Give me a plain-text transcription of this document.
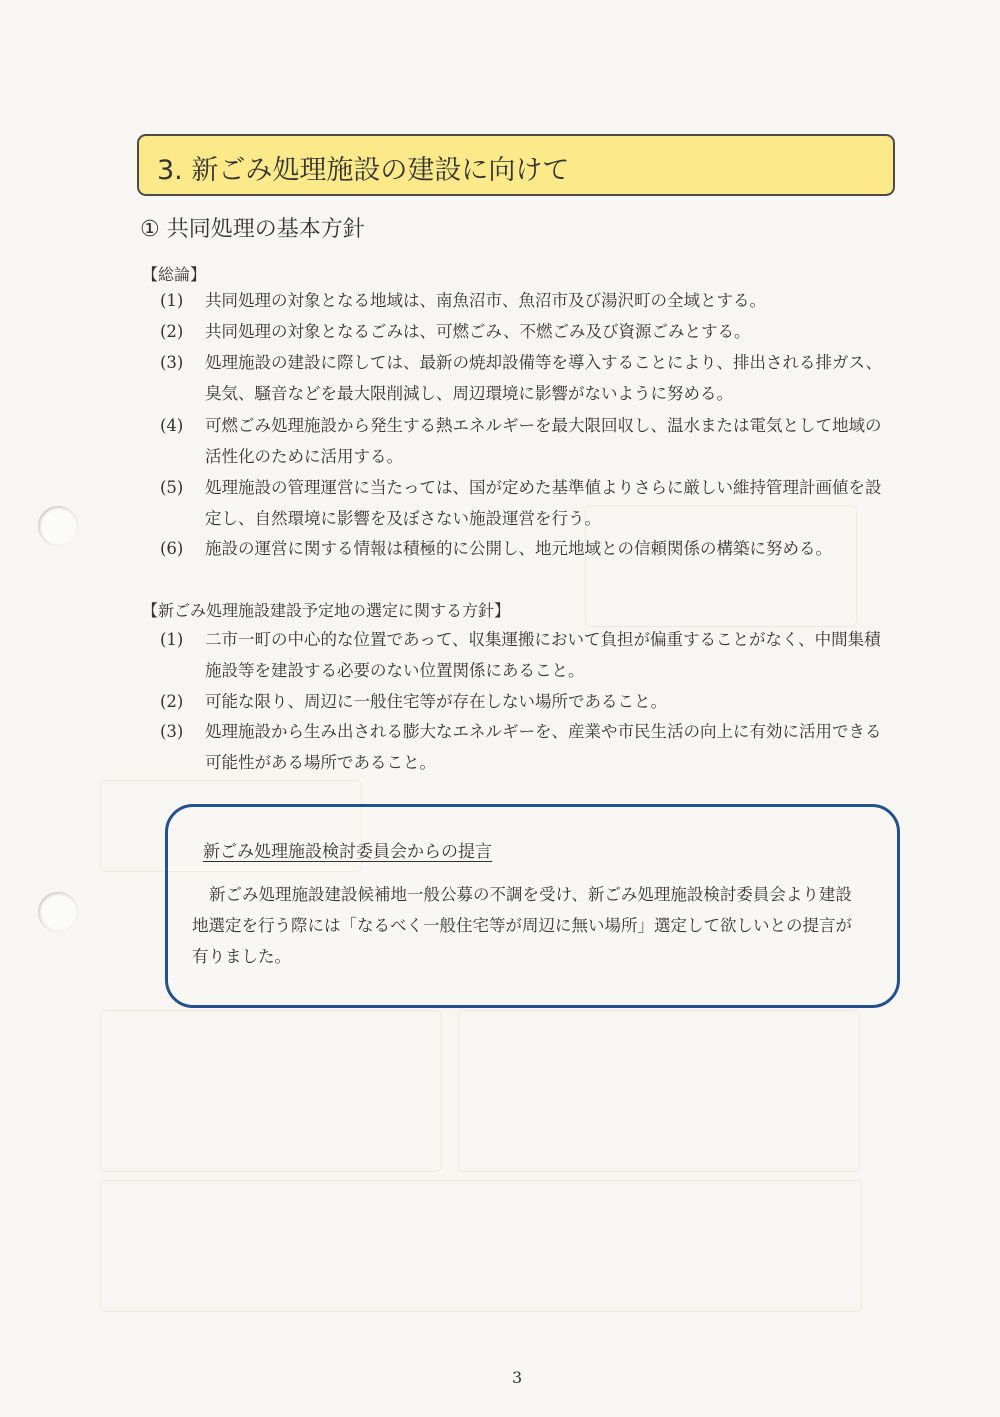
3. 新ごみ処理施設の建設に向けて
① 共同処理の基本方針
【総論】
(1)	共同処理の対象となる地域は、南魚沼市、魚沼市及び湯沢町の全域とする。
(2)	共同処理の対象となるごみは、可燃ごみ、不燃ごみ及び資源ごみとする。
(3)	処理施設の建設に際しては、最新の焼却設備等を導入することにより、排出される排ガス、臭気、騒音などを最大限削減し、周辺環境に影響がないように努める。
(4)	可燃ごみ処理施設から発生する熱エネルギーを最大限回収し、温水または電気として地域の活性化のために活用する。
(5)	処理施設の管理運営に当たっては、国が定めた基準値よりさらに厳しい維持管理計画値を設定し、自然環境に影響を及ぼさない施設運営を行う。
(6)	施設の運営に関する情報は積極的に公開し、地元地域との信頼関係の構築に努める。
【新ごみ処理施設建設予定地の選定に関する方針】
(1)	二市一町の中心的な位置であって、収集運搬において負担が偏重することがなく、中間集積施設等を建設する必要のない位置関係にあること。
(2)	可能な限り、周辺に一般住宅等が存在しない場所であること。
(3)	処理施設から生み出される膨大なエネルギーを、産業や市民生活の向上に有効に活用できる可能性がある場所であること。
新ごみ処理施設検討委員会からの提言
新ごみ処理施設建設候補地一般公募の不調を受け、新ごみ処理施設検討委員会より建設地選定を行う際には「なるべく一般住宅等が周辺に無い場所」選定して欲しいとの提言が有りました。
3
